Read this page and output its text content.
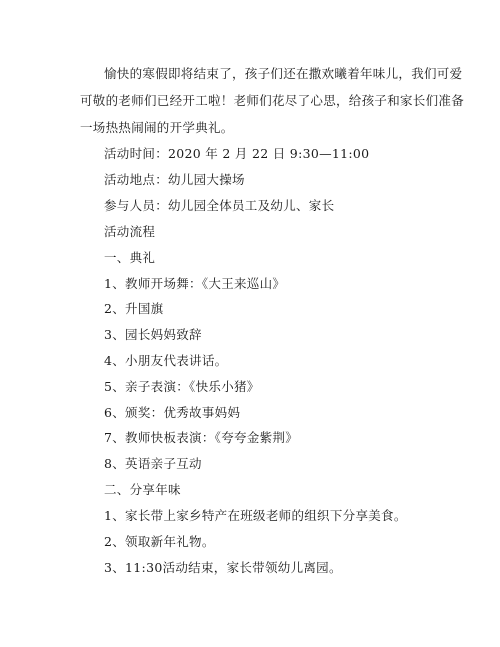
愉快的寒假即将结束了，孩子们还在撒欢曦着年味儿，我们可爱
可敬的老师们已经开工啦！老师们花尽了心思，给孩子和家长们准备
一场热热闹闹的开学典礼。
活动时间：2020 年 2 月 22 日 9:30—11:00
活动地点：幼儿园大操场
参与人员：幼儿园全体员工及幼儿、家长
活动流程
一、典礼
1、教师开场舞：《大王来巡山》
2、升国旗
3、园长妈妈致辞
4、小朋友代表讲话。
5、亲子表演：《快乐小猪》
6、颁奖：优秀故事妈妈
7、教师快板表演：《夸夸金紫荆》
8、英语亲子互动
二、分享年味
1、家长带上家乡特产在班级老师的组织下分享美食。
2、领取新年礼物。
3、11:30活动结束，家长带领幼儿离园。
